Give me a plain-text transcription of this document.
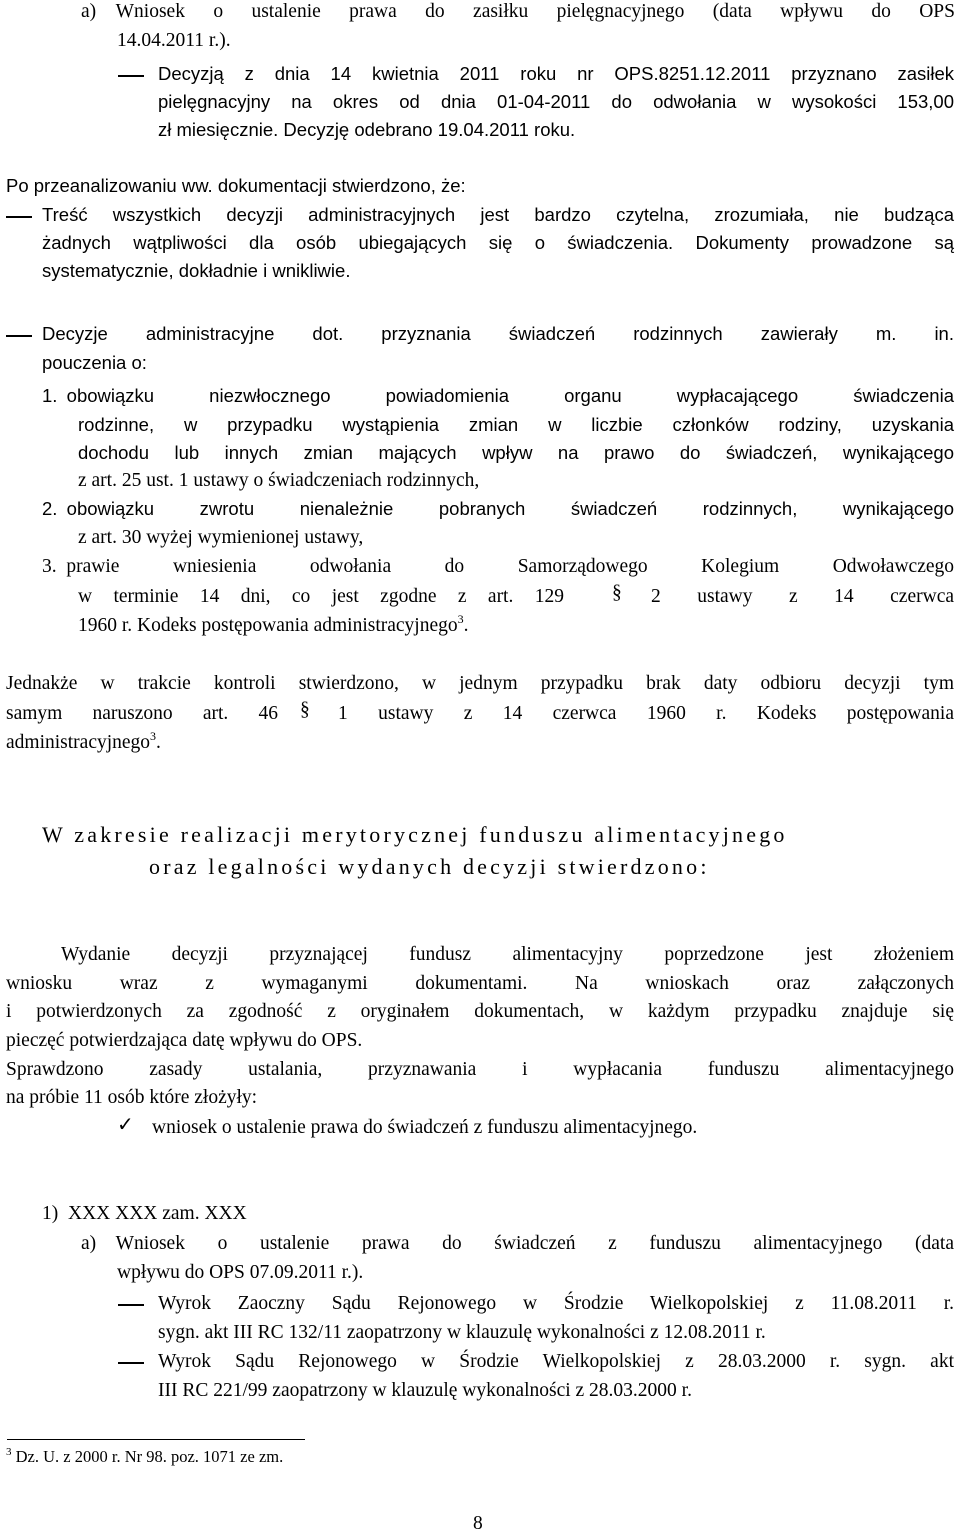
a) Wniosek o ustalenie prawa do zasiłku pielęgnacyjnego (data wpływu do OPS
14.04.2011 r.).
Decyzją z dnia 14 kwietnia 2011 roku nr OPS.8251.12.2011 przyznano zasiłek
pielęgnacyjny na okres od dnia 01-04-2011 do odwołania w wysokości 153,00
zł miesięcznie. Decyzję odebrano 19.04.2011 roku.
Po przeanalizowaniu ww. dokumentacji stwierdzono, że:
Treść wszystkich decyzji administracyjnych jest bardzo czytelna, zrozumiała, nie budząca
żadnych wątpliwości dla osób ubiegających się o świadczenia. Dokumenty prowadzone są
systematycznie, dokładnie i wnikliwie.
Decyzje administracyjne dot. przyznania świadczeń rodzinnych zawierały m. in.
pouczenia o:
1. obowiązku niezwłocznego powiadomienia organu wypłacającego świadczenia
rodzinne, w przypadku wystąpienia zmian w liczbie członków rodziny, uzyskania
dochodu lub innych zmian mających wpływ na prawo do świadczeń, wynikającego
z art. 25 ust. 1 ustawy o świadczeniach rodzinnych,
2. obowiązku zwrotu nienależnie pobranych świadczeń rodzinnych, wynikającego
z art. 30 wyżej wymienionej ustawy,
3. prawie wniesienia odwołania do Samorządowego Kolegium Odwoławczego
w terminie 14 dni, co jest zgodne z art. 129 § 2 ustawy z 14 czerwca
1960 r. Kodeks postępowania administracyjnego$^3$.
Jednakże w trakcie kontroli stwierdzono, w jednym przypadku brak daty odbioru decyzji tym
samym naruszono art. 46 § 1 ustawy z 14 czerwca 1960 r. Kodeks postępowania
administracyjnego$^3$.
W zakresie realizacji merytorycznej funduszu alimentacyjnego
oraz legalności wydanych decyzji stwierdzono:
Wydanie decyzji przyznającej fundusz alimentacyjny poprzedzone jest złożeniem
wniosku wraz z wymaganymi dokumentami. Na wnioskach oraz załączonych
i potwierdzonych za zgodność z oryginałem dokumentach, w każdym przypadku znajduje się
pieczęć potwierdzająca datę wpływu do OPS.
Sprawdzono zasady ustalania, przyznawania i wypłacania funduszu alimentacyjnego
na próbie 11 osób które złożyły:
✓ wniosek o ustalenie prawa do świadczeń z funduszu alimentacyjnego.
1) XXX XXX zam. XXX
a) Wniosek o ustalenie prawa do świadczeń z funduszu alimentacyjnego (data
wpływu do OPS 07.09.2011 r.).
Wyrok Zaoczny Sądu Rejonowego w Środzie Wielkopolskiej z 11.08.2011 r.
sygn. akt III RC 132/11 zaopatrzony w klauzulę wykonalności z 12.08.2011 r.
Wyrok Sądu Rejonowego w Środzie Wielkopolskiej z 28.03.2000 r. sygn. akt
III RC 221/99 zaopatrzony w klauzulę wykonalności z 28.03.2000 r.
$^3$ Dz. U. z 2000 r. Nr 98. poz. 1071 ze zm.
8
